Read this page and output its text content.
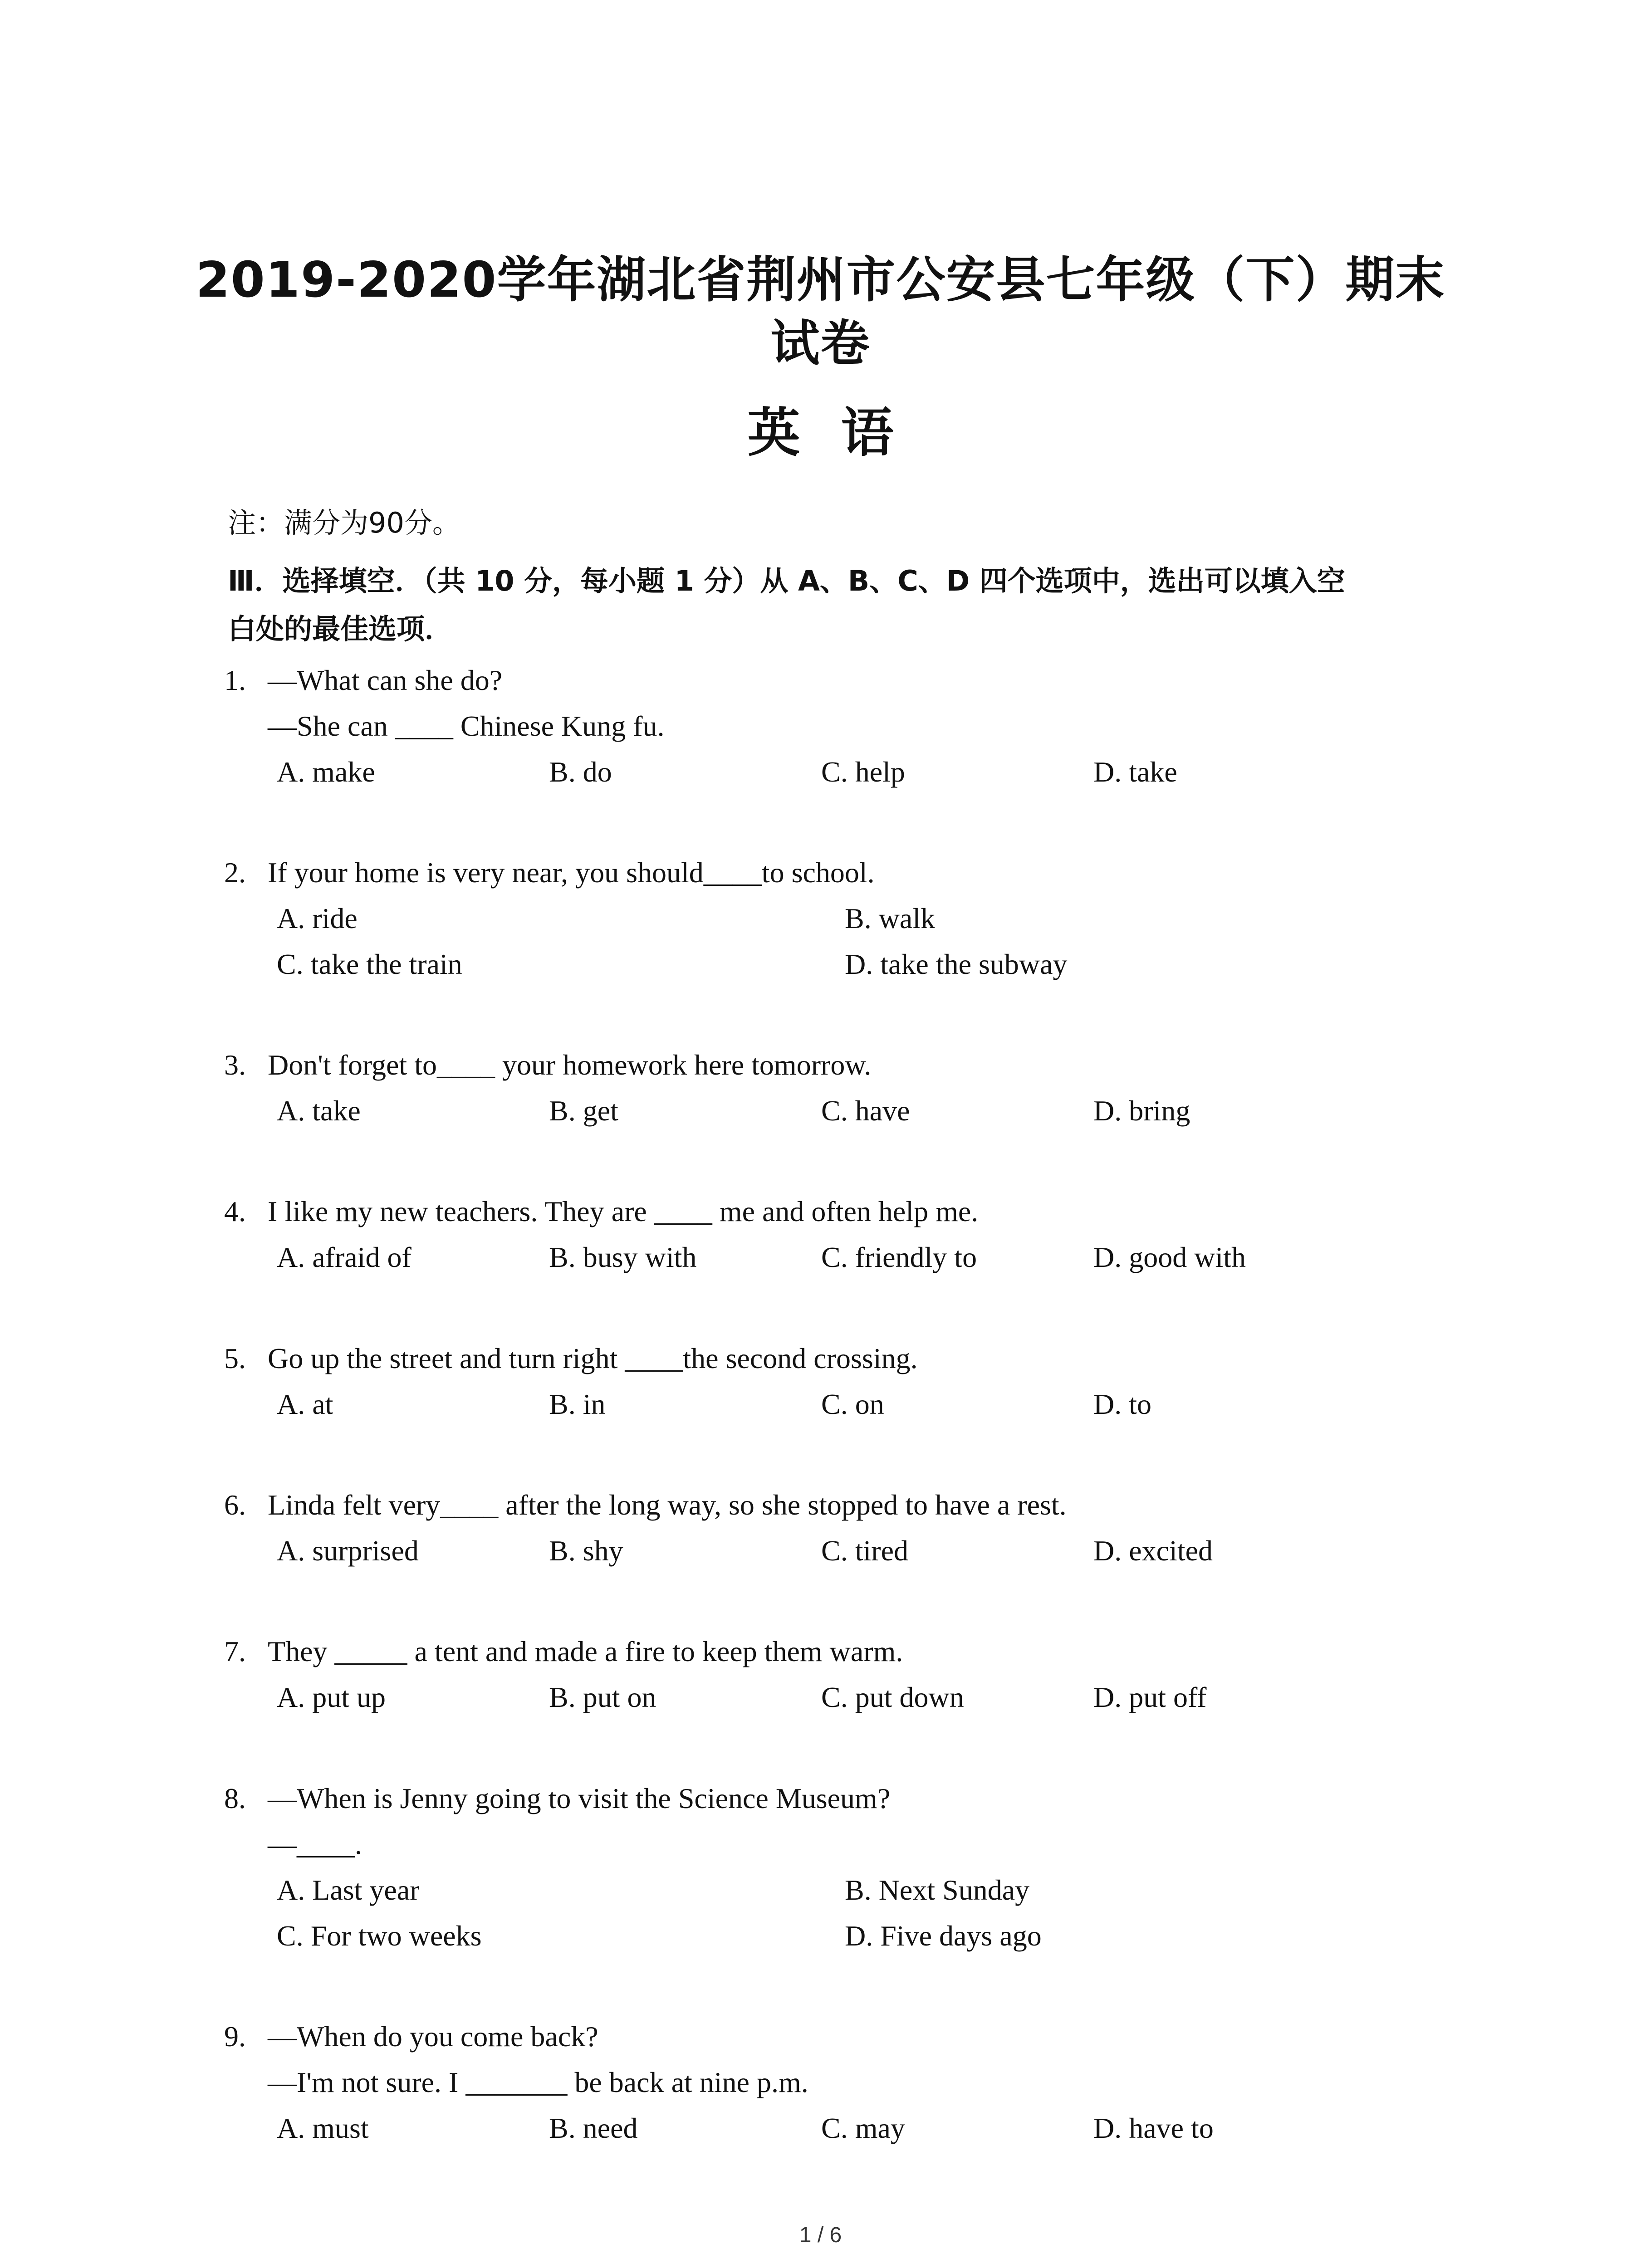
2019-2020学年湖北省荆州市公安县七年级（下）期末
试卷
英语
注：满分为90分。
Ⅲ．选择填空．（共 10 分，每小题 1 分）从 A、B、C、D 四个选项中，选出可以填入空
白处的最佳选项．
1. —What can she do?
—She can ____ Chinese Kung fu.
A. make	B. do	C. help	D. take
2. If your home is very near, you should____to school.
A. ride	B. walk
C. take the train	D. take the subway
3. Don't forget to____ your homework here tomorrow.
A. take	B. get	C. have	D. bring
4. I like my new teachers. They are ____ me and often help me.
A. afraid of	B. busy with	C. friendly to	D. good with
5. Go up the street and turn right ____the second crossing.
A. at	B. in	C. on	D. to
6. Linda felt very____ after the long way, so she stopped to have a rest.
A. surprised	B. shy	C. tired	D. excited
7. They _____ a tent and made a fire to keep them warm.
A. put up	B. put on	C. put down	D. put off
8. —When is Jenny going to visit the Science Museum?
—____.
A. Last year	B. Next Sunday
C. For two weeks	D. Five days ago
9. —When do you come back?
—I'm not sure. I _______ be back at nine p.m.
A. must	B. need	C. may	D. have to
1 / 6
